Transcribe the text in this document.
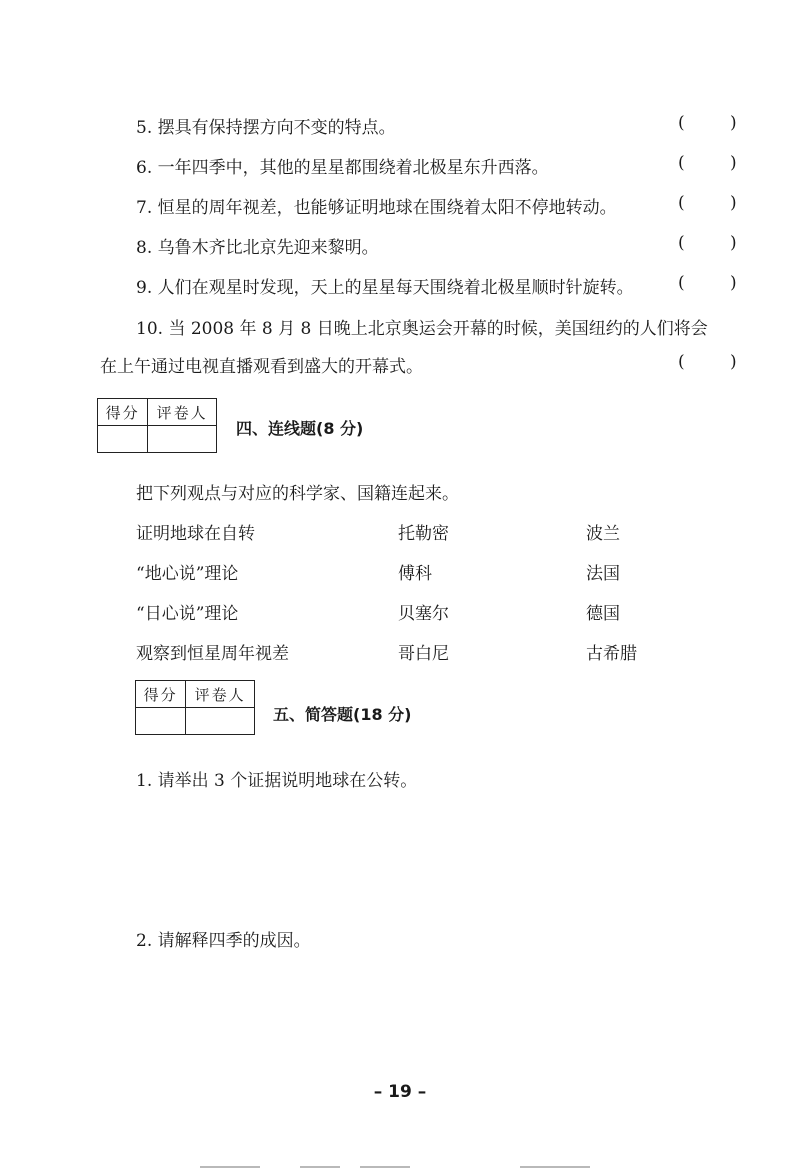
5. 摆具有保持摆方向不变的特点。	(	)
6. 一年四季中，其他的星星都围绕着北极星东升西落。	(	)
7. 恒星的周年视差，也能够证明地球在围绕着太阳不停地转动。	(	)
8. 乌鲁木齐比北京先迎来黎明。	(	)
9. 人们在观星时发现，天上的星星每天围绕着北极星顺时针旋转。	(	)
10. 当 2008 年 8 月 8 日晚上北京奥运会开幕的时候，美国纽约的人们将会
在上午通过电视直播观看到盛大的开幕式。	(	)
得分	评卷人

四、连线题(8 分)
把下列观点与对应的科学家、国籍连起来。
证明地球在自转	托勒密	波兰
“地心说”理论	傅科	法国
“日心说”理论	贝塞尔	德国
观察到恒星周年视差	哥白尼	古希腊
得分	评卷人

五、简答题(18 分)
1. 请举出 3 个证据说明地球在公转。
2. 请解释四季的成因。
– 19 –
